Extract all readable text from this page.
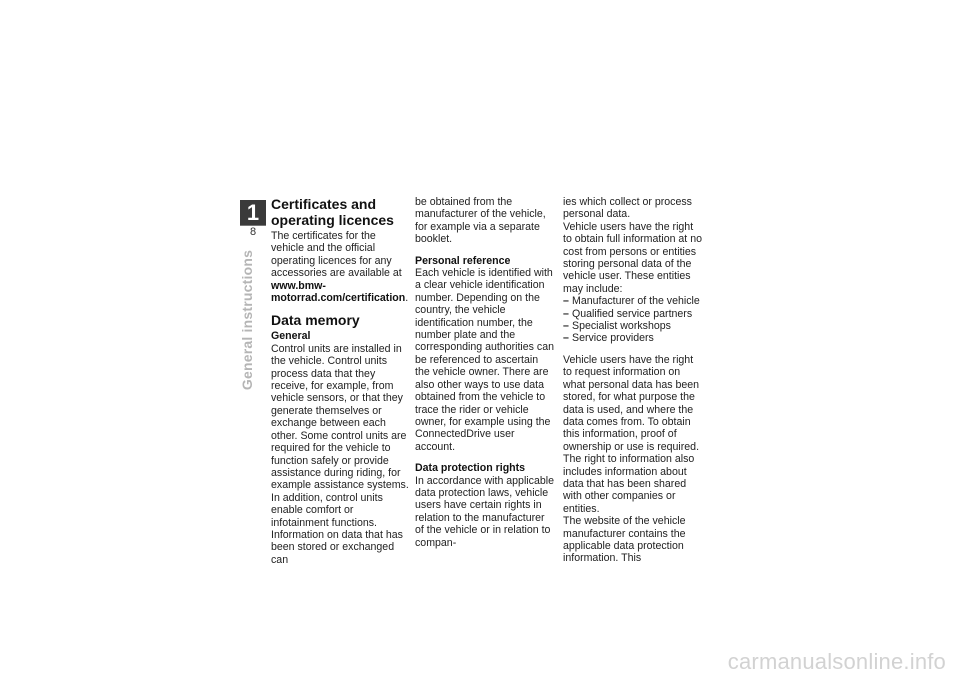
1
8
General instructions
Certificates and operating licences

The certificates for the vehicle and the official operating licences for any accessories are available at www.bmw-motorrad.com/certification.

Data memory
General

Control units are installed in the vehicle. Control units process data that they receive, for example, from vehicle sensors, or that they generate themselves or exchange between each other. Some control units are required for the vehicle to function safely or provide assistance during riding, for example assistance systems. In addition, control units enable comfort or infotainment functions.

Information on data that has been stored or exchanged can

be obtained from the manufacturer of the vehicle, for example via a separate booklet.

Personal reference

Each vehicle is identified with a clear vehicle identification number. Depending on the country, the vehicle identification number, the number plate and the corresponding authorities can be referenced to ascertain the vehicle owner. There are also other ways to use data obtained from the vehicle to trace the rider or vehicle owner, for example using the ConnectedDrive user account.

Data protection rights

In accordance with applicable data protection laws, vehicle users have certain rights in relation to the manufacturer of the vehicle or in relation to compan-

ies which collect or process personal data.

Vehicle users have the right to obtain full information at no cost from persons or entities storing personal data of the vehicle user. These entities may include:

– Manufacturer of the vehicle
– Qualified service partners
– Specialist workshops
– Service providers

Vehicle users have the right to request information on what personal data has been stored, for what purpose the data is used, and where the data comes from. To obtain this information, proof of ownership or use is required.

The right to information also includes information about data that has been shared with other companies or entities.

The website of the vehicle manufacturer contains the applicable data protection information. This

carmanualsonline.info
